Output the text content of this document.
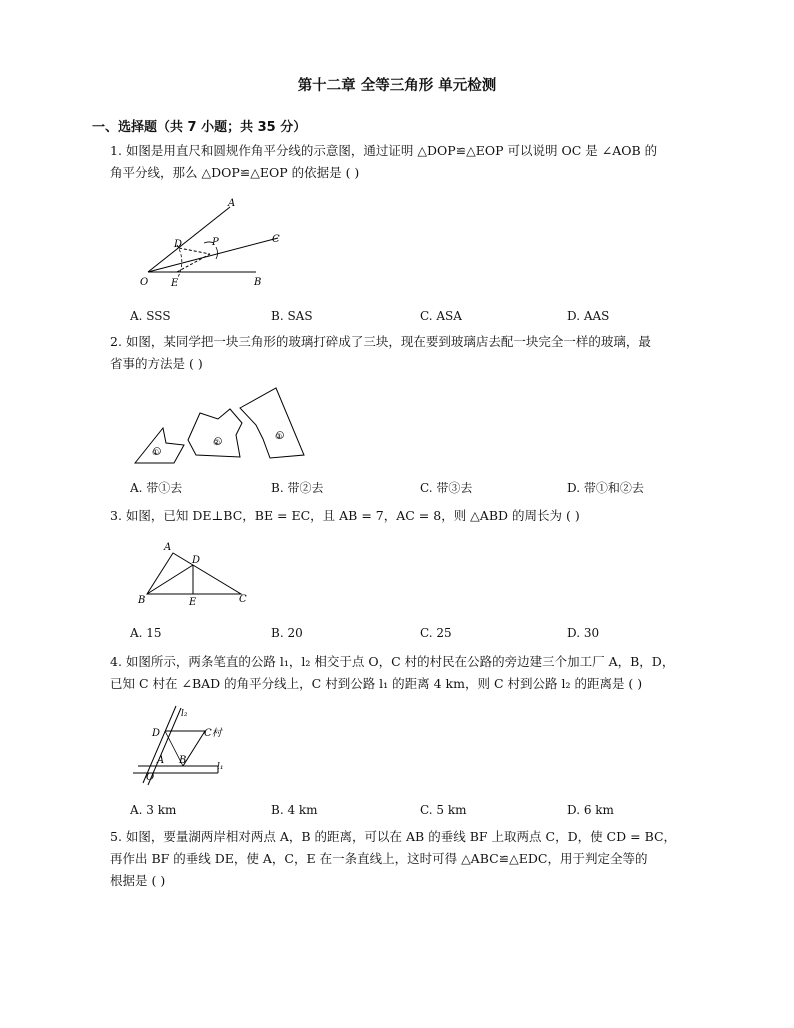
第十二章 全等三角形 单元检测
一、选择题（共 7 小题；共 35 分）
1. 如图是用直尺和圆规作角平分线的示意图，通过证明 △DOP≌△EOP 可以说明 OC 是 ∠AOB 的
角平分线，那么 △DOP≌△EOP 的依据是 ( )
A
C
D	P
O E	B
A. SSS	B. SAS	C. ASA	D. AAS
2. 如图，某同学把一块三角形的玻璃打碎成了三块，现在要到玻璃店去配一块完全一样的玻璃，最
省事的方法是 ( )
①
②
③
A. 带①去	B. 带②去	C. 带③去	D. 带①和②去
3. 如图，已知 DE⊥BC，BE = EC，且 AB = 7，AC = 8，则 △ABD 的周长为 ( )
A
D
B	E	C
A. 15	B. 20	C. 25	D. 30
4. 如图所示，两条笔直的公路 l₁，l₂ 相交于点 O，C 村的村民在公路的旁边建三个加工厂 A，B，D，
已知 C 村在 ∠BAD 的角平分线上，C 村到公路 l₁ 的距离 4 km，则 C 村到公路 l₂ 的距离是 ( )
l₂
l₁
D	C村
A B
O
A. 3 km	B. 4 km	C. 5 km	D. 6 km
5. 如图，要量湖两岸相对两点 A，B 的距离，可以在 AB 的垂线 BF 上取两点 C，D，使 CD = BC，
再作出 BF 的垂线 DE，使 A，C，E 在一条直线上，这时可得 △ABC≌△EDC，用于判定全等的
根据是 ( )
